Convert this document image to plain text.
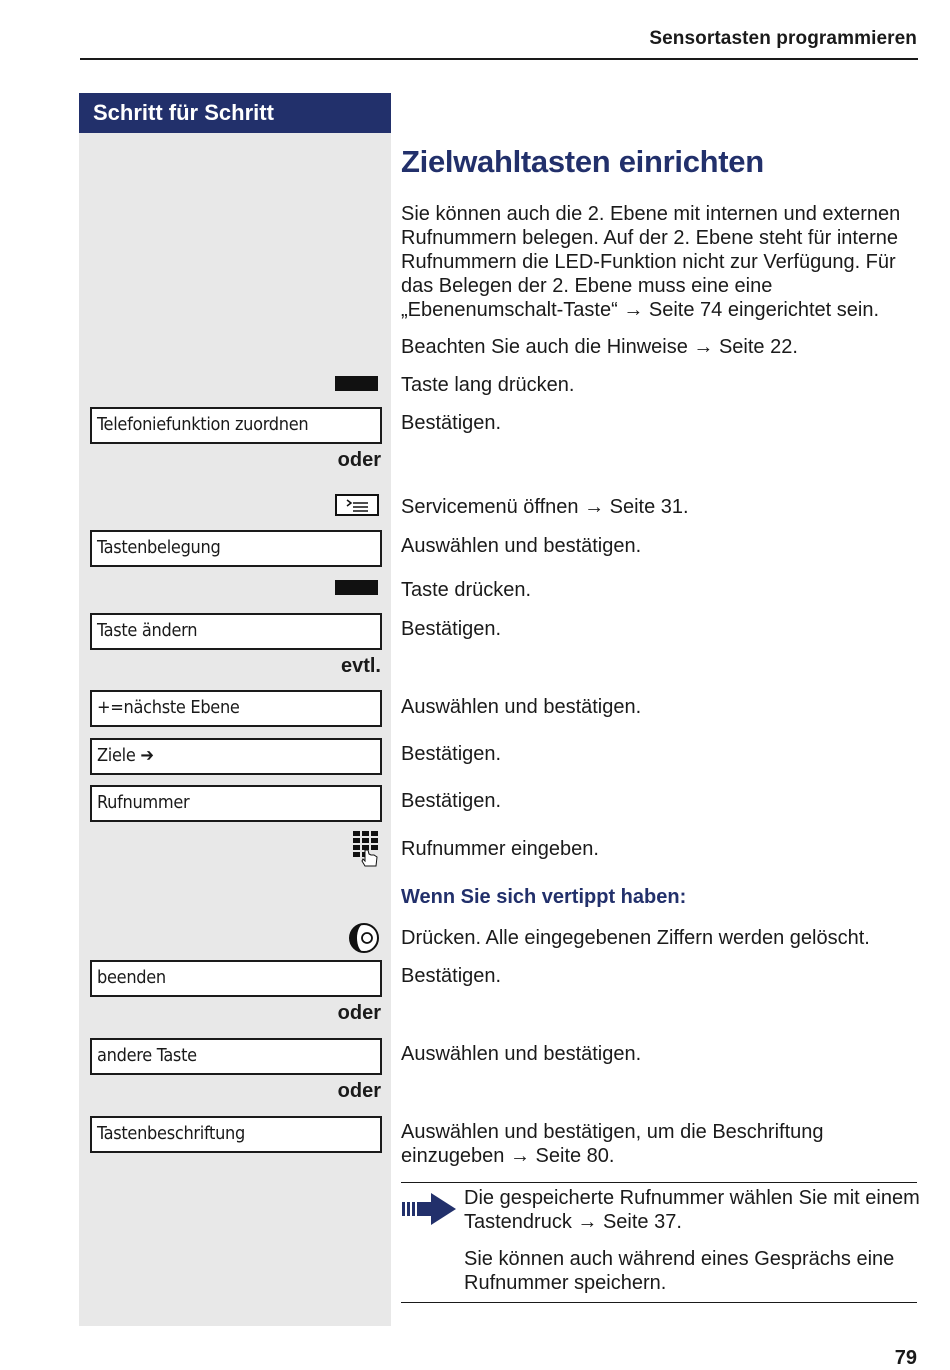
Sensortasten programmieren
Schritt für Schritt
Zielwahltasten einrichten
Sie können auch die 2. Ebene mit internen und externen Rufnummern belegen. Auf der 2. Ebene steht für interne Rufnummern die LED-Funktion nicht zur Verfügung. Für das Belegen der 2. Ebene muss eine eine „Ebenenumschalt-Taste“ → Seite 74 eingerichtet sein.
Beachten Sie auch die Hinweise → Seite 22.
Taste lang drücken.
Telefoniefunktion zuordnen	Bestätigen.
oder
Servicemenü öffnen → Seite 31.
Tastenbelegung	Auswählen und bestätigen.
Taste drücken.
Taste ändern	Bestätigen.
evtl.
+=nächste Ebene	Auswählen und bestätigen.
Ziele ➔	Bestätigen.
Rufnummer	Bestätigen.
Rufnummer eingeben.
Wenn Sie sich vertippt haben:
Drücken. Alle eingegebenen Ziffern werden gelöscht.
beenden	Bestätigen.
oder
andere Taste	Auswählen und bestätigen.
oder
Tastenbeschriftung	Auswählen und bestätigen, um die Beschriftung einzugeben → Seite 80.
Die gespeicherte Rufnummer wählen Sie mit einem Tastendruck → Seite 37.
Sie können auch während eines Gesprächs eine Rufnummer speichern.
79
